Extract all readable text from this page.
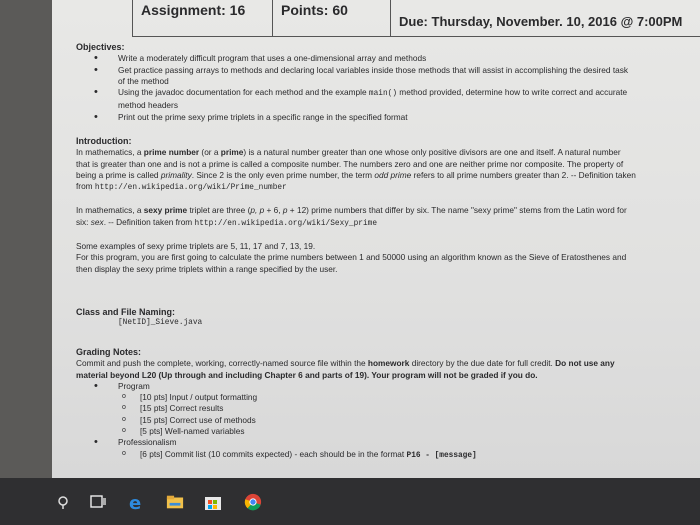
Assignment: 16	Points: 60
Due: Thursday, November. 10, 2016 @ 7:00PM
Objectives:
• Write a moderately difficult program that uses a one-dimensional array and methods
• Get practice passing arrays to methods and declaring local variables inside those methods that will assist in accomplishing the desired task of the method
• Using the javadoc documentation for each method and the example main() method provided, determine how to write correct and accurate method headers
• Print out the prime sexy prime triplets in a specific range in the specified format
Introduction:
In mathematics, a prime number (or a prime) is a natural number greater than one whose only positive divisors are one and itself. A natural number that is greater than one and is not a prime is called a composite number. The numbers zero and one are neither prime nor composite. The property of being a prime is called primality. Since 2 is the only even prime number, the term odd prime refers to all prime numbers greater than 2. -- Definition taken from http://en.wikipedia.org/wiki/Prime_number
In mathematics, a sexy prime triplet are three (p, p + 6, p + 12) prime numbers that differ by six. The name "sexy prime" stems from the Latin word for six: sex. -- Definition taken from http://en.wikipedia.org/wiki/Sexy_prime
Some examples of sexy prime triplets are 5, 11, 17 and 7, 13, 19.
For this program, you are first going to calculate the prime numbers between 1 and 50000 using an algorithm known as the Sieve of Eratosthenes and then display the sexy prime triplets within a range specified by the user.
Class and File Naming:
[NetID]_Sieve.java
Grading Notes:
Commit and push the complete, working, correctly-named source file within the homework directory by the due date for full credit. Do not use any material beyond L20 (Up through and including Chapter 6 and parts of 19). Your program will not be graded if you do.
• Program
o [10 pts] Input / output formatting
o [15 pts] Correct results
o [15 pts] Correct use of methods
o [5 pts] Well-named variables
• Professionalism
o [6 pts] Commit list (10 commits expected) - each should be in the format P16 - [message]
e
